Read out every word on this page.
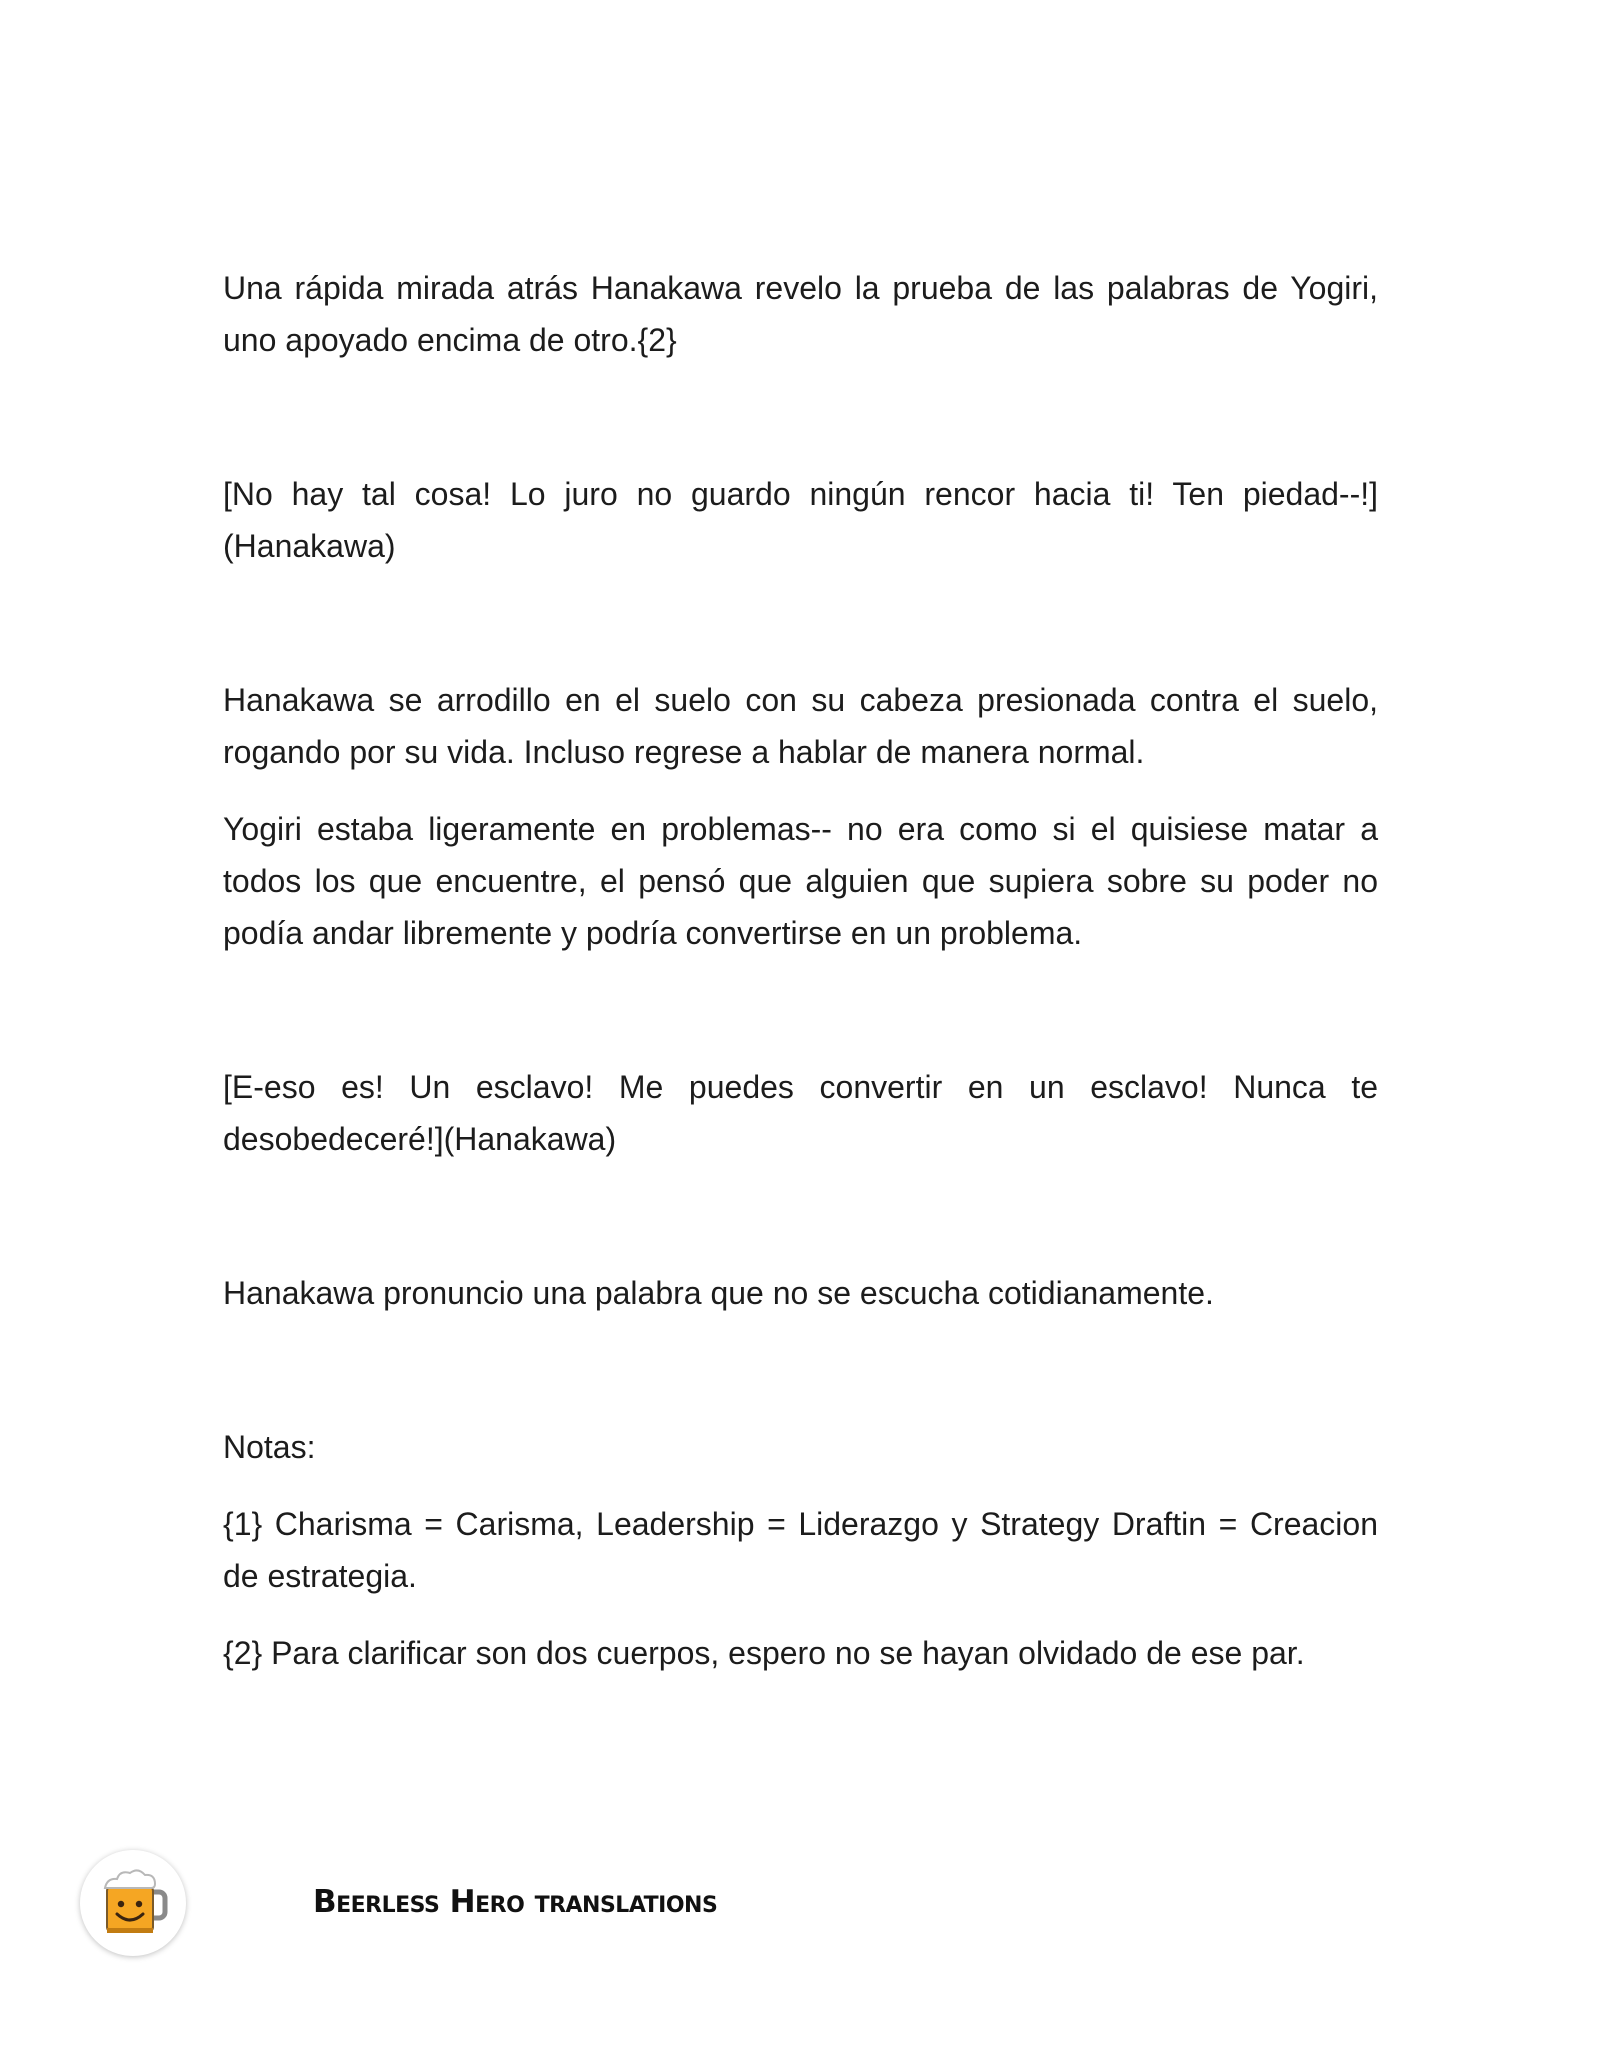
Una rápida mirada atrás Hanakawa revelo la prueba de las palabras de Yogiri, uno apoyado encima de otro.{2}

[No hay tal cosa! Lo juro no guardo ningún rencor hacia ti! Ten piedad--!](Hanakawa)

Hanakawa se arrodillo en el suelo con su cabeza presionada contra el suelo, rogando por su vida. Incluso regrese a hablar de manera normal.

Yogiri estaba ligeramente en problemas-- no era como si el quisiese matar a todos los que encuentre, el pensó que alguien que supiera sobre su poder no podía andar libremente y podría convertirse en un problema.

[E-eso es! Un esclavo! Me puedes convertir en un esclavo! Nunca te desobedeceré!](Hanakawa)

Hanakawa pronuncio una palabra que no se escucha cotidianamente.

Notas:

{1} Charisma = Carisma, Leadership = Liderazgo y Strategy Draftin = Creacion de estrategia.

{2} Para clarificar son dos cuerpos, espero no se hayan olvidado de ese par.

Beerless Hero translations
